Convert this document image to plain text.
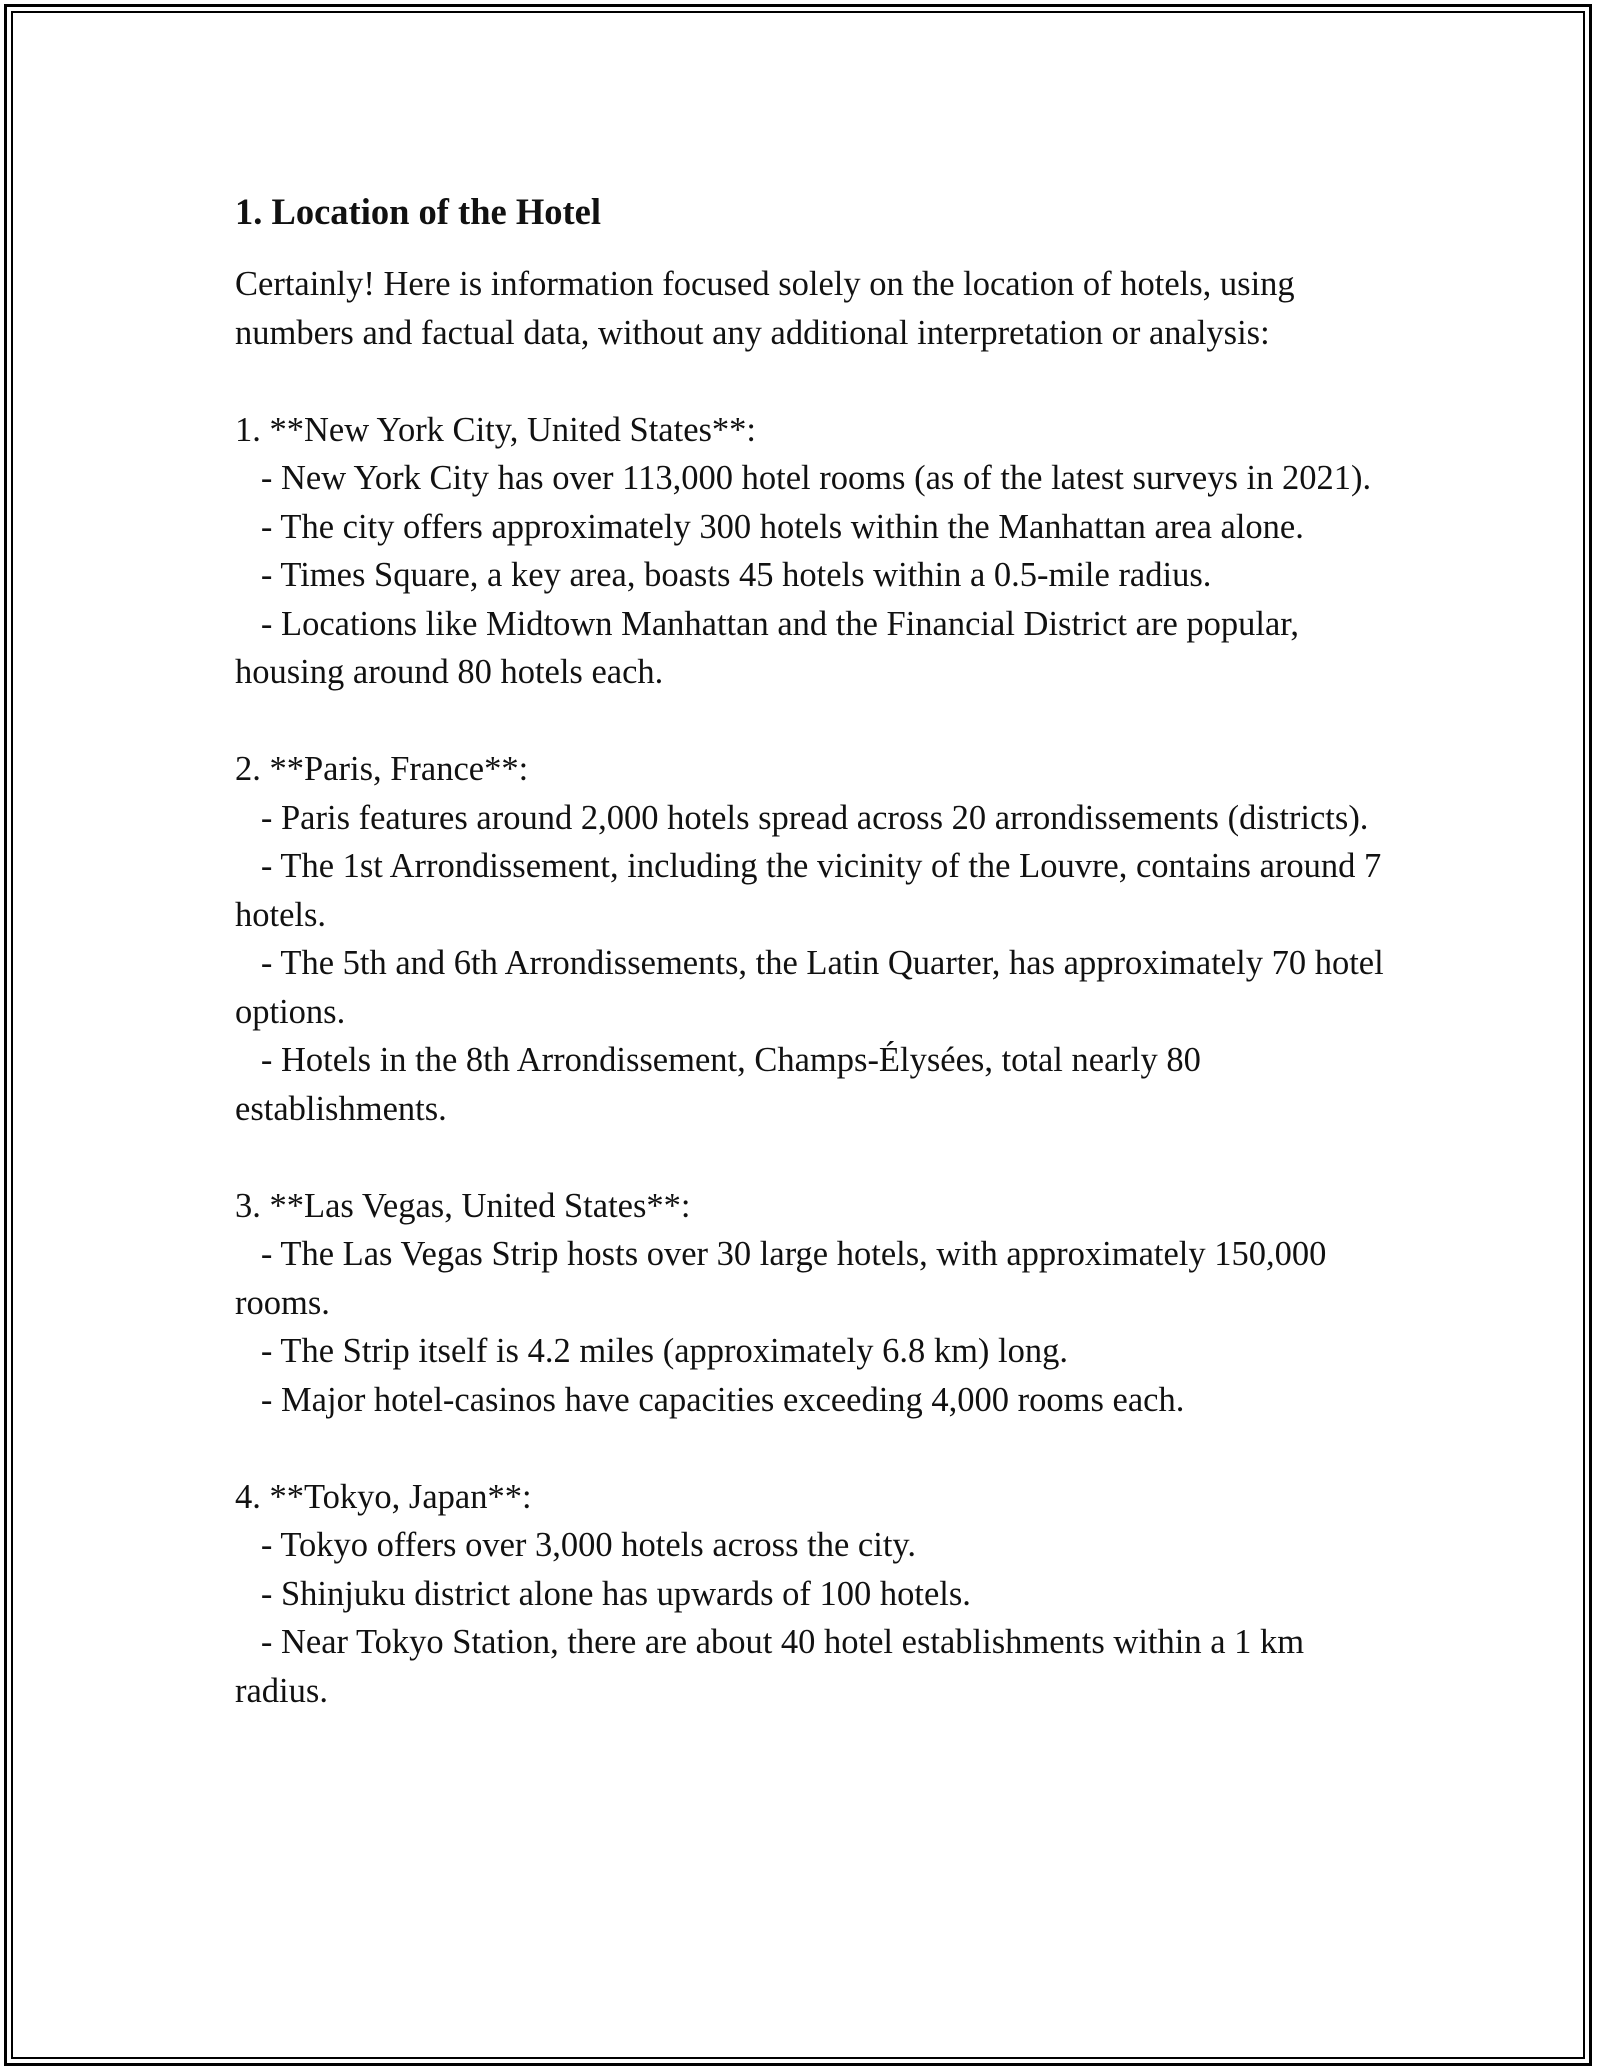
1. Location of the Hotel

Certainly! Here is information focused solely on the location of hotels, using numbers and factual data, without any additional interpretation or analysis:

1. **New York City, United States**:

- New York City has over 113,000 hotel rooms (as of the latest surveys in 2021).

- The city offers approximately 300 hotels within the Manhattan area alone.

- Times Square, a key area, boasts 45 hotels within a 0.5-mile radius.

- Locations like Midtown Manhattan and the Financial District are popular, housing around 80 hotels each.

2. **Paris, France**:

- Paris features around 2,000 hotels spread across 20 arrondissements (districts).

- The 1st Arrondissement, including the vicinity of the Louvre, contains around 7 hotels.

- The 5th and 6th Arrondissements, the Latin Quarter, has approximately 70 hotel options.

- Hotels in the 8th Arrondissement, Champs-Élysées, total nearly 80 establishments.

3. **Las Vegas, United States**:

- The Las Vegas Strip hosts over 30 large hotels, with approximately 150,000 rooms.

- The Strip itself is 4.2 miles (approximately 6.8 km) long.

- Major hotel-casinos have capacities exceeding 4,000 rooms each.

4. **Tokyo, Japan**:

- Tokyo offers over 3,000 hotels across the city.

- Shinjuku district alone has upwards of 100 hotels.

- Near Tokyo Station, there are about 40 hotel establishments within a 1 km radius.
